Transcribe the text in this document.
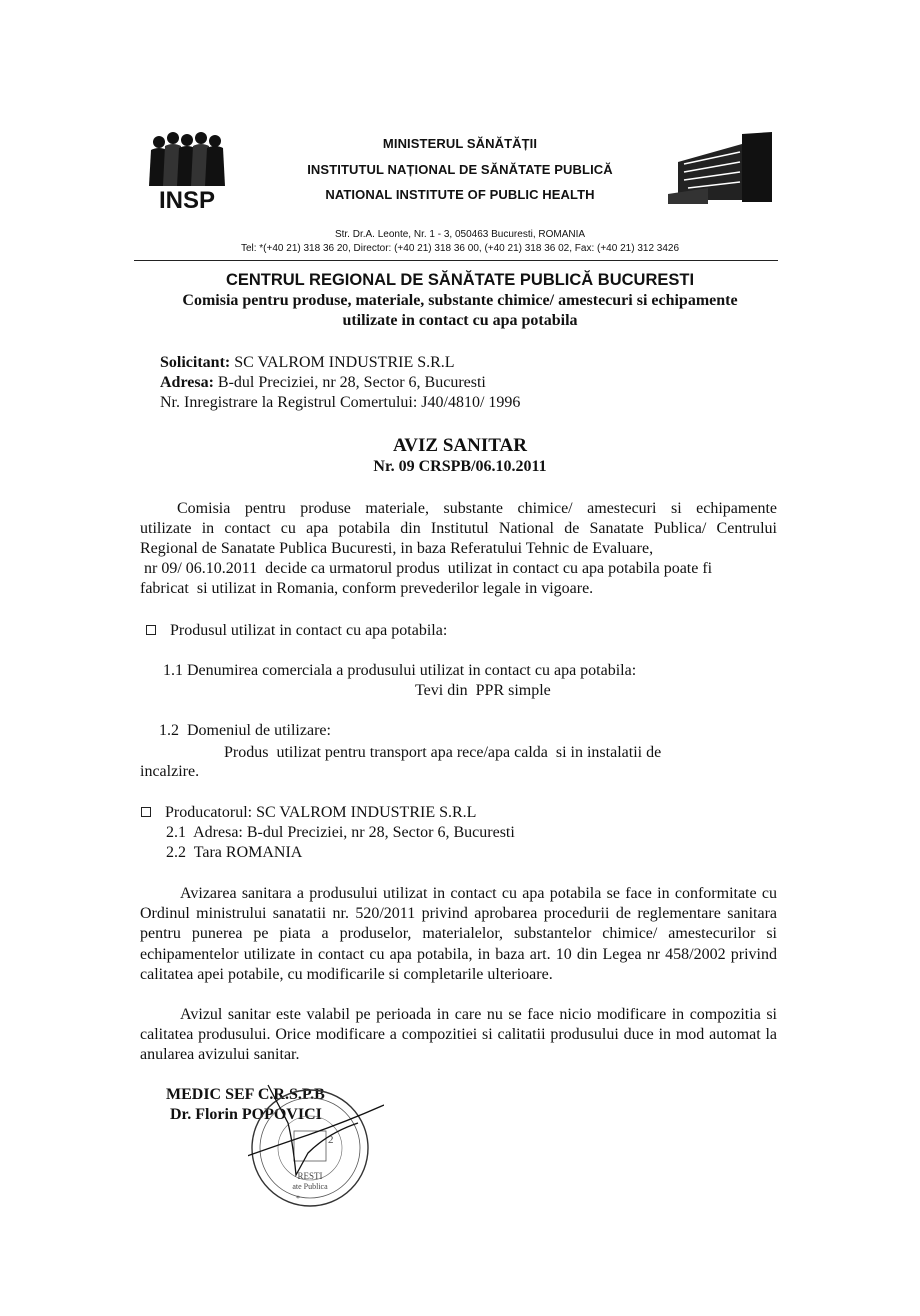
INSP
MINISTERUL SĂNĂTĂȚII
INSTITUTUL NAȚIONAL DE SĂNĂTATE PUBLICĂ
NATIONAL INSTITUTE OF PUBLIC HEALTH
Str. Dr.A. Leonte, Nr. 1 - 3, 050463 Bucuresti, ROMANIA
Tel: *(+40 21) 318 36 20, Director: (+40 21) 318 36 00, (+40 21) 318 36 02, Fax: (+40 21) 312 3426
CENTRUL REGIONAL DE SĂNĂTATE PUBLICĂ BUCURESTI
Comisia pentru produse, materiale, substante chimice/ amestecuri si echipamente
utilizate in contact cu apa potabila
Solicitant: SC VALROM INDUSTRIE S.R.L
Adresa: B-dul Preciziei, nr 28, Sector 6, Bucuresti
Nr. Inregistrare la Registrul Comertului: J40/4810/ 1996
AVIZ SANITAR
Nr. 09 CRSPB/06.10.2011
Comisia pentru produse materiale, substante chimice/ amestecuri si echipamente
utilizate in contact cu apa potabila din Institutul National de Sanatate Publica/ Centrului
Regional de Sanatate Publica Bucuresti, in baza Referatului Tehnic de Evaluare,
nr 09/ 06.10.2011  decide ca urmatorul produs  utilizat in contact cu apa potabila poate fi
fabricat  si utilizat in Romania, conform prevederilor legale in vigoare.
Produsul utilizat in contact cu apa potabila:
1.1 Denumirea comerciala a produsului utilizat in contact cu apa potabila:
Tevi din  PPR simple
1.2  Domeniul de utilizare:
Produs  utilizat pentru transport apa rece/apa calda  si in instalatii de
incalzire.
Producatorul: SC VALROM INDUSTRIE S.R.L
2.1  Adresa: B-dul Preciziei, nr 28, Sector 6, Bucuresti
2.2  Tara ROMANIA
Avizarea sanitara a produsului utilizat in contact cu apa potabila se face in conformitate cu Ordinul ministrului sanatatii nr. 520/2011 privind aprobarea procedurii de reglementare sanitara pentru punerea pe piata a produselor, materialelor, substantelor chimice/ amestecurilor si echipamentelor utilizate in contact cu apa potabila, in baza art. 10 din Legea nr 458/2002 privind calitatea apei potabile, cu modificarile si completarile ulterioare.
Avizul sanitar este valabil pe perioada in care nu se face nicio modificare in compozitia si calitatea produsului. Orice modificare a compozitiei si calitatii produsului duce in mod automat la anularea avizului sanitar.
MEDIC SEF C.R.S.P.B
Dr. Florin POPOVICI
2
RESTI
ate Publica
*
